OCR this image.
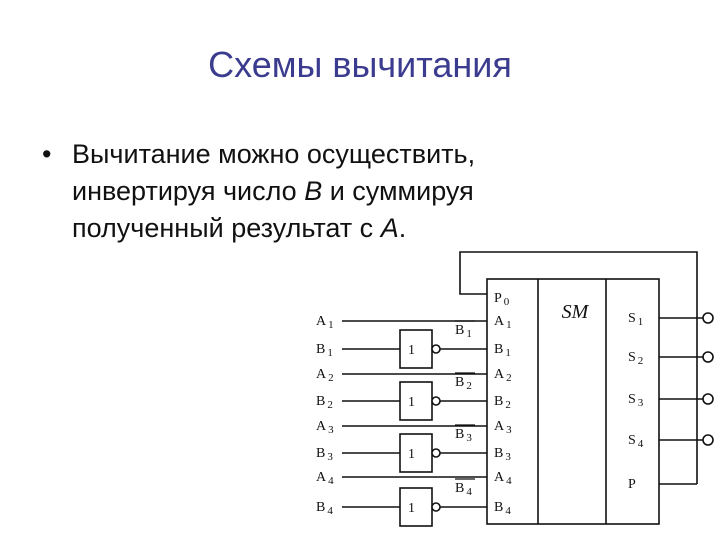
Схемы вычитания
• Вычитание можно осуществить,
инвертируя число B и суммируя
полученный результат с A.
SM
A $_1$
B $_1$
A $_2$
B $_2$
A $_3$
B $_3$
A $_4$
B $_4$
P $_0$
A $_1$
B $_1$
A $_2$
B $_2$
A $_3$
B $_3$
A $_4$
B $_4$
1
B $_1$
1
B $_2$
1
B $_3$
1
B $_4$
S $_1$
S $_2$
S $_3$
S $_4$
P
